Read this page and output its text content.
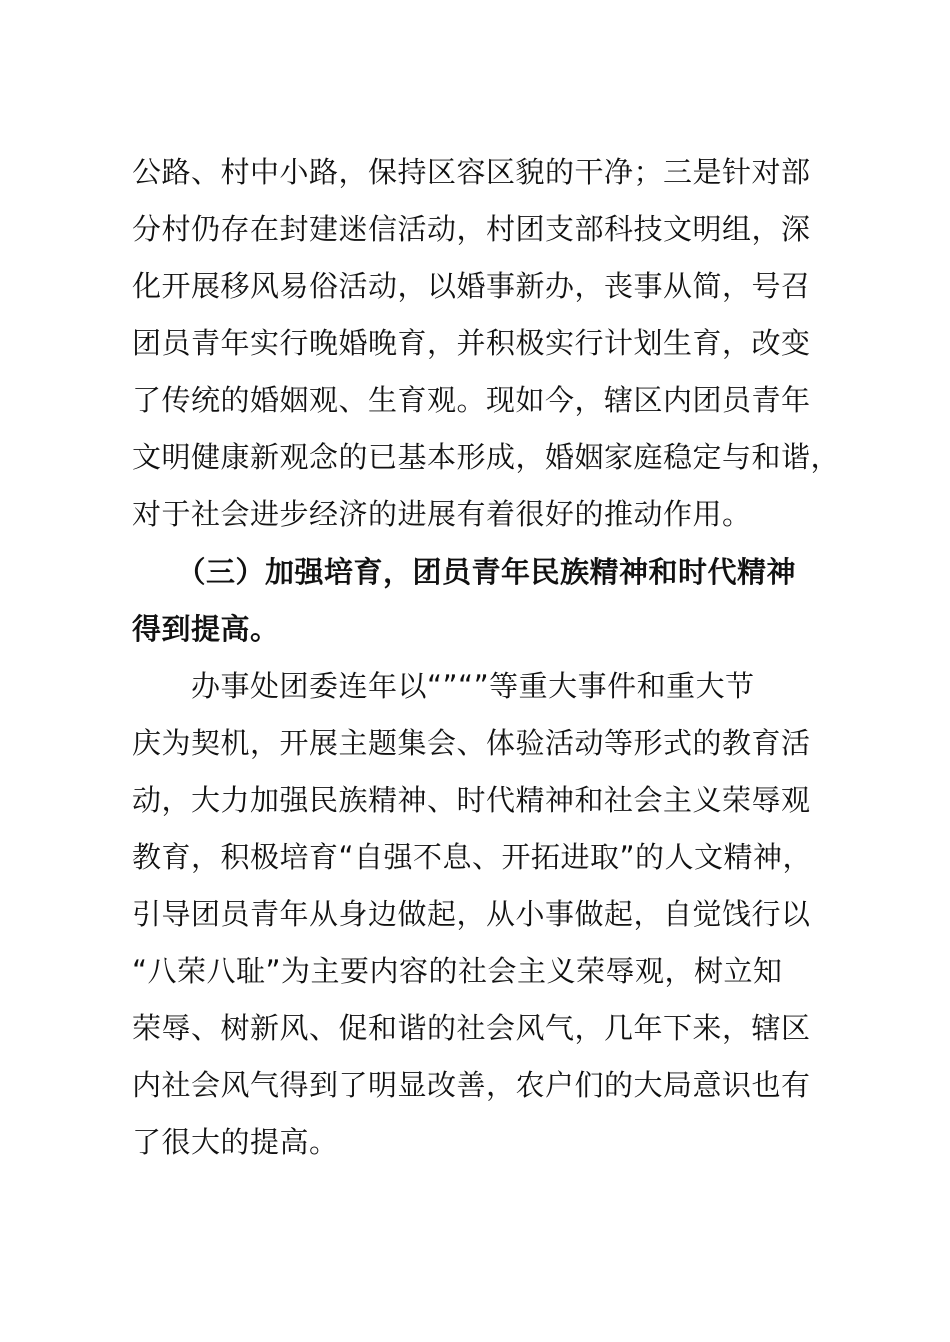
公路、村中小路，保持区容区貌的干净；三是针对部
分村仍存在封建迷信活动，村团支部科技文明组，深
化开展移风易俗活动，以婚事新办，丧事从简，号召
团员青年实行晚婚晚育，并积极实行计划生育，改变
了传统的婚姻观、生育观。现如今，辖区内团员青年
文明健康新观念的已基本形成，婚姻家庭稳定与和谐，
对于社会进步经济的进展有着很好的推动作用。
　　（三）加强培育，团员青年民族精神和时代精神
得到提高。
　　办事处团委连年以“”“”等重大事件和重大节
庆为契机，开展主题集会、体验活动等形式的教育活
动，大力加强民族精神、时代精神和社会主义荣辱观
教育，积极培育“自强不息、开拓进取”的人文精神，
引导团员青年从身边做起，从小事做起，自觉饯行以
“八荣八耻”为主要内容的社会主义荣辱观，树立知
荣辱、树新风、促和谐的社会风气，几年下来，辖区
内社会风气得到了明显改善，农户们的大局意识也有
了很大的提高。
